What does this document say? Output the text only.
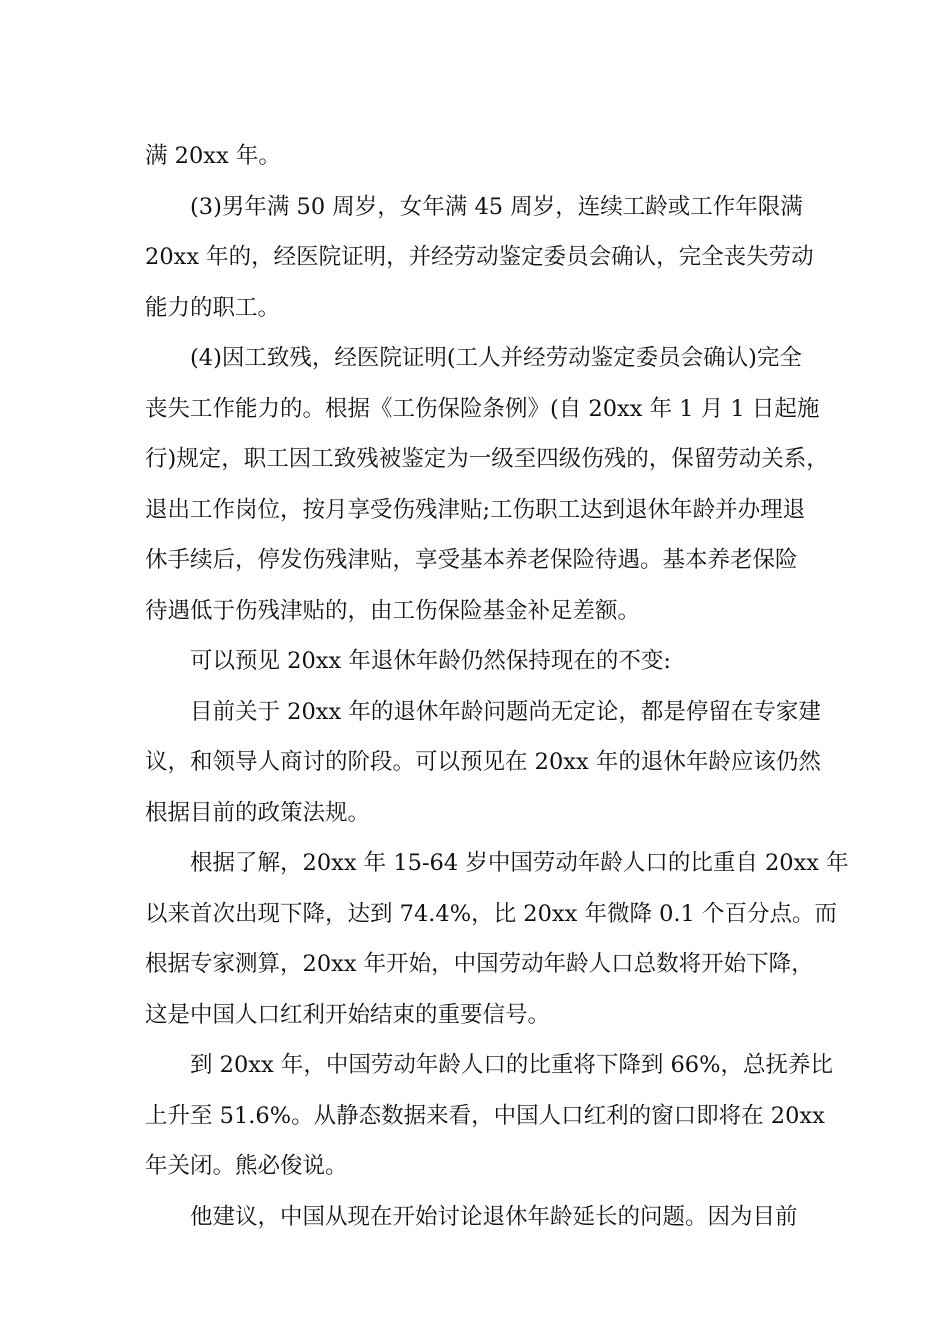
满 20xx 年。
(3)男年满 50 周岁，女年满 45 周岁，连续工龄或工作年限满
20xx 年的，经医院证明，并经劳动鉴定委员会确认，完全丧失劳动
能力的职工。
(4)因工致残，经医院证明(工人并经劳动鉴定委员会确认)完全
丧失工作能力的。根据《工伤保险条例》(自 20xx 年 1 月 1 日起施
行)规定，职工因工致残被鉴定为一级至四级伤残的，保留劳动关系，
退出工作岗位，按月享受伤残津贴;工伤职工达到退休年龄并办理退
休手续后，停发伤残津贴，享受基本养老保险待遇。基本养老保险
待遇低于伤残津贴的，由工伤保险基金补足差额。
可以预见 20xx 年退休年龄仍然保持现在的不变:
目前关于 20xx 年的退休年龄问题尚无定论，都是停留在专家建
议，和领导人商讨的阶段。可以预见在 20xx 年的退休年龄应该仍然
根据目前的政策法规。
根据了解，20xx 年 15-64 岁中国劳动年龄人口的比重自 20xx 年
以来首次出现下降，达到 74.4%，比 20xx 年微降 0.1 个百分点。而
根据专家测算，20xx 年开始，中国劳动年龄人口总数将开始下降，
这是中国人口红利开始结束的重要信号。
到 20xx 年，中国劳动年龄人口的比重将下降到 66%，总抚养比
上升至 51.6%。从静态数据来看，中国人口红利的窗口即将在 20xx
年关闭。熊必俊说。
他建议，中国从现在开始讨论退休年龄延长的问题。因为目前
